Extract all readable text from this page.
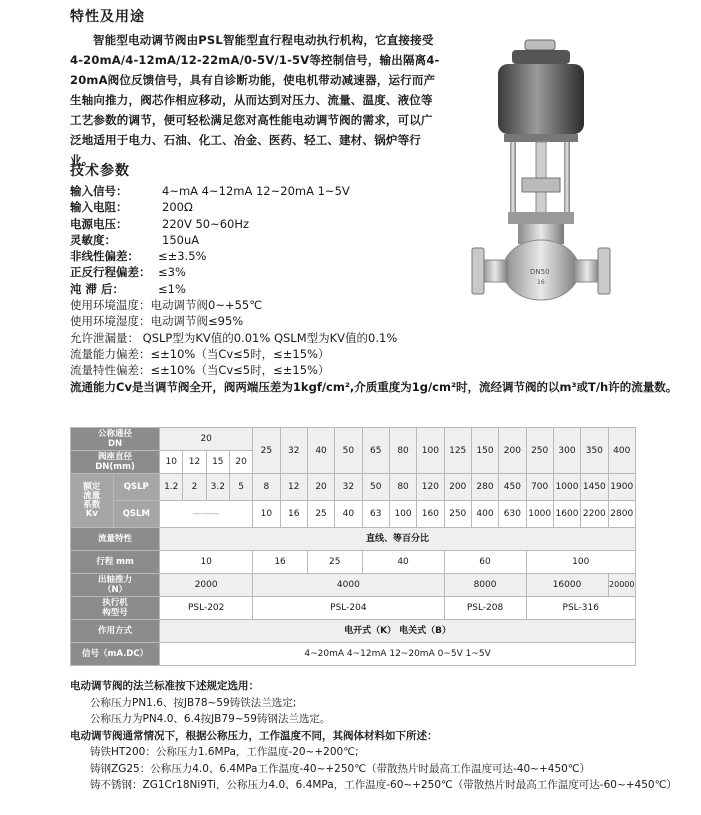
特性及用途
智能型电动调节阀由PSL智能型直行程电动执行机构，它直接接受4-20mA/4-12mA/12-22mA/0-5V/1-5V等控制信号，输出隔离4-20mA阀位反馈信号，具有自诊断功能，使电机带动减速器，运行而产生轴向推力，阀芯作相应移动，从而达到对压力、流量、温度、液位等工艺参数的调节，便可轻松满足您对高性能电动调节阀的需求，可以广泛地适用于电力、石油、化工、冶金、医药、轻工、建材、锅炉等行业。
DN50
16
技术参数
输入信号：	4~mA 4~12mA 12~20mA 1~5V
输入电阻：	200Ω
电源电压：	220V 50~60Hz
灵敏度：	150uA
非线性偏差： ≤±3.5%
正反行程偏差： ≤3%
沌 滞 后：	≤1%
使用环境温度：电动调节阀0~+55℃
使用环境湿度：电动调节阀≤95%
允许泄漏量： QSLP型为KV值的0.01% QSLM型为KV值的0.1%
流量能力偏差：≤±10%（当Cv≤5时，≤±15%）
流量特性偏差：≤±10%（当Cv≤5时，≤±15%）
流通能力Cv是当调节阀全开，阀两端压差为1kgf/cm²,介质重度为1g/cm²时，流经调节阀的以m³或T/h许的流量数。
公称通径
DN		20				25	32	40	50	65	80	100	125	150	200	250	300	350	400
阀座直径
DN(mm)		10	12	15	20														
额定
流量
系数
Kv	QSLP	1.2	2	3.2	5	8	12	20	32	50	80	120	200	280	450	700	1000	1450	1900
	QSLM	———				10	16	25	40	63	100	160	250	400	630	1000	1600	2200	2800
流量特性		直线、等百分比																	
行程 mm		10				16		25		40			60			100			
出轴推力
（N）		2000				4000							8000			16000			20000
执行机
构型号		PSL-202				PSL-204							PSL-208			PSL-316			
作用方式		电开式（K） 电关式（B）																	
信号（mA.DC）		4~20mA 4~12mA 12~20mA 0~5V 1~5V																	
电动调节阀的法兰标准按下述规定选用：
公称压力PN1.6、按JB78~59铸铁法兰选定;
公称压力为PN4.0、6.4按JB79~59铸钢法兰选定。
电动调节阀通常情况下，根据公称压力，工作温度不同，其阀体材料如下所述：
铸铁HT200：公称压力1.6MPa，工作温度-20~+200℃;
铸钢ZG25：公称压力4.0、6.4MPa工作温度-40~+250℃（带散热片时最高工作温度可达-40~+450℃）
铸不锈钢：ZG1Cr18Ni9Ti，公称压力4.0、6.4MPa，工作温度-60~+250℃（带散热片时最高工作温度可达-60~+450℃）
